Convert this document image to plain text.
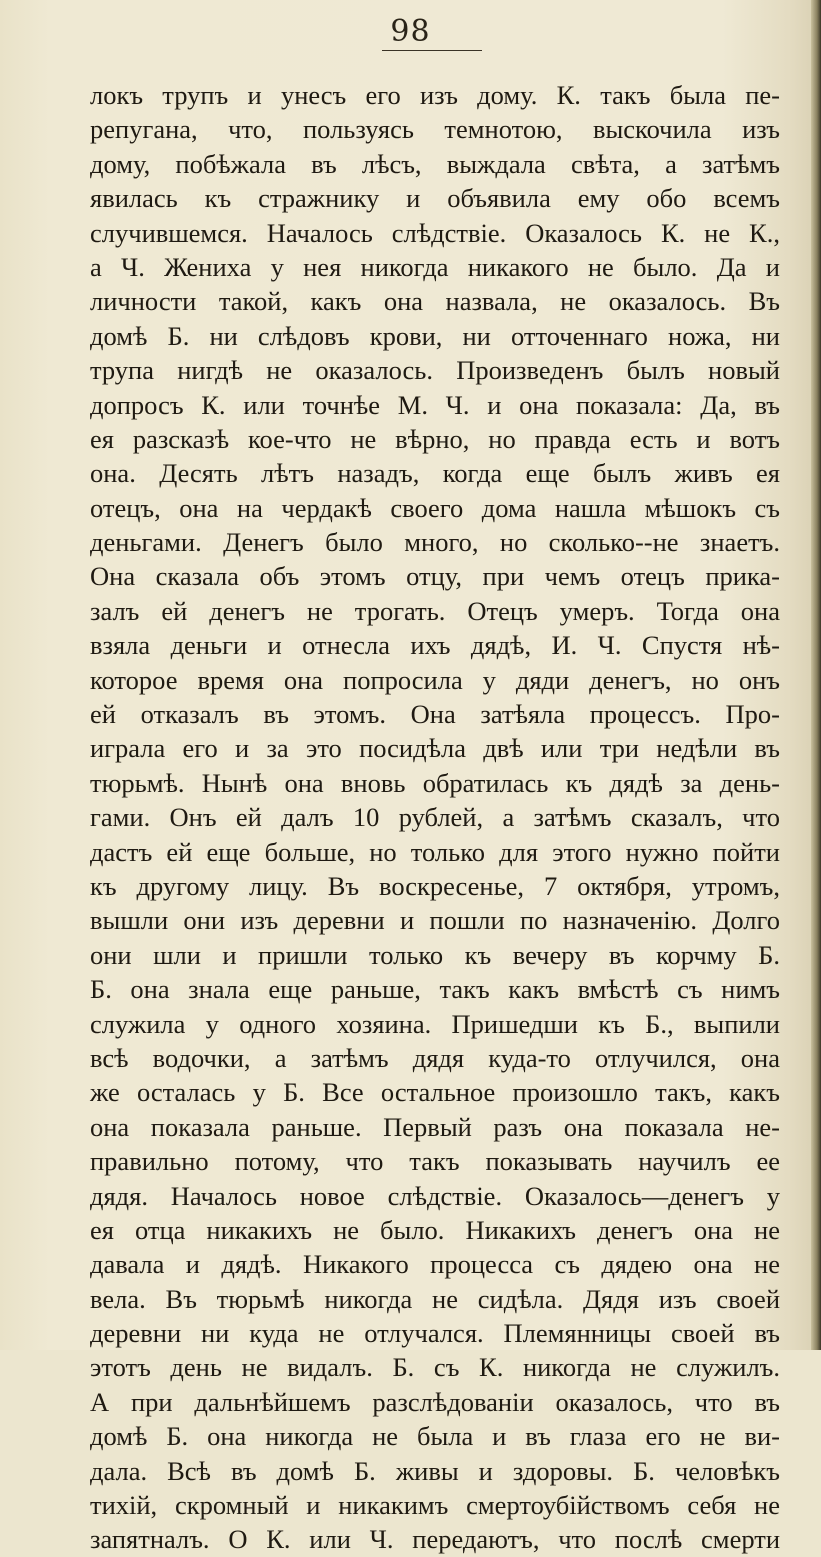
98
локъ трупъ и унесъ его изъ дому. К. такъ была пе-
репугана, что, пользуясь темнотою, выскочила изъ
дому, побѣжала въ лѣсъ, выждала свѣта, а затѣмъ
явилась къ стражнику и объявила ему обо всемъ
случившемся. Началось слѣдствіе. Оказалось К. не К.,
а Ч. Жениха у нея никогда никакого не было. Да и
личности такой, какъ она назвала, не оказалось. Въ
домѣ Б. ни слѣдовъ крови, ни отточеннаго ножа, ни
трупа нигдѣ не оказалось. Произведенъ былъ новый
допросъ К. или точнѣе М. Ч. и она показала: Да, въ
ея разсказѣ кое-что не вѣрно, но правда есть и вотъ
она. Десять лѣтъ назадъ, когда еще былъ живъ ея
отецъ, она на чердакѣ своего дома нашла мѣшокъ съ
деньгами. Денегъ было много, но сколько--не знаетъ.
Она сказала объ этомъ отцу, при чемъ отецъ прика-
залъ ей денегъ не трогать. Отецъ умеръ. Тогда она
взяла деньги и отнесла ихъ дядѣ, И. Ч. Спустя нѣ-
которое время она попросила у дяди денегъ, но онъ
ей отказалъ въ этомъ. Она затѣяла процессъ. Про-
играла его и за это посидѣла двѣ или три недѣли въ
тюрьмѣ. Нынѣ она вновь обратилась къ дядѣ за день-
гами. Онъ ей далъ 10 рублей, а затѣмъ сказалъ, что
дастъ ей еще больше, но только для этого нужно пойти
къ другому лицу. Въ воскресенье, 7 октября, утромъ,
вышли они изъ деревни и пошли по назначенію. Долго
они шли и пришли только къ вечеру въ корчму Б.
Б. она знала еще раньше, такъ какъ вмѣстѣ съ нимъ
служила у одного хозяина. Пришедши къ Б., выпили
всѣ водочки, а затѣмъ дядя куда-то отлучился, она
же осталась у Б. Все остальное произошло такъ, какъ
она показала раньше. Первый разъ она показала не-
правильно потому, что такъ показывать научилъ ее
дядя. Началось новое слѣдствіе. Оказалось—денегъ у
ея отца никакихъ не было. Никакихъ денегъ она не
давала и дядѣ. Никакого процесса съ дядею она не
вела. Въ тюрьмѣ никогда не сидѣла. Дядя изъ своей
деревни ни куда не отлучался. Племянницы своей въ
этотъ день не видалъ. Б. съ К. никогда не служилъ.
А при дальнѣйшемъ разслѣдованіи оказалось, что въ
домѣ Б. она никогда не была и въ глаза его не ви-
дала. Всѣ въ домѣ Б. живы и здоровы. Б. человѣкъ
тихій, скромный и никакимъ смертоубійствомъ себя не
запятналъ. О К. или Ч. передаютъ, что послѣ смерти
